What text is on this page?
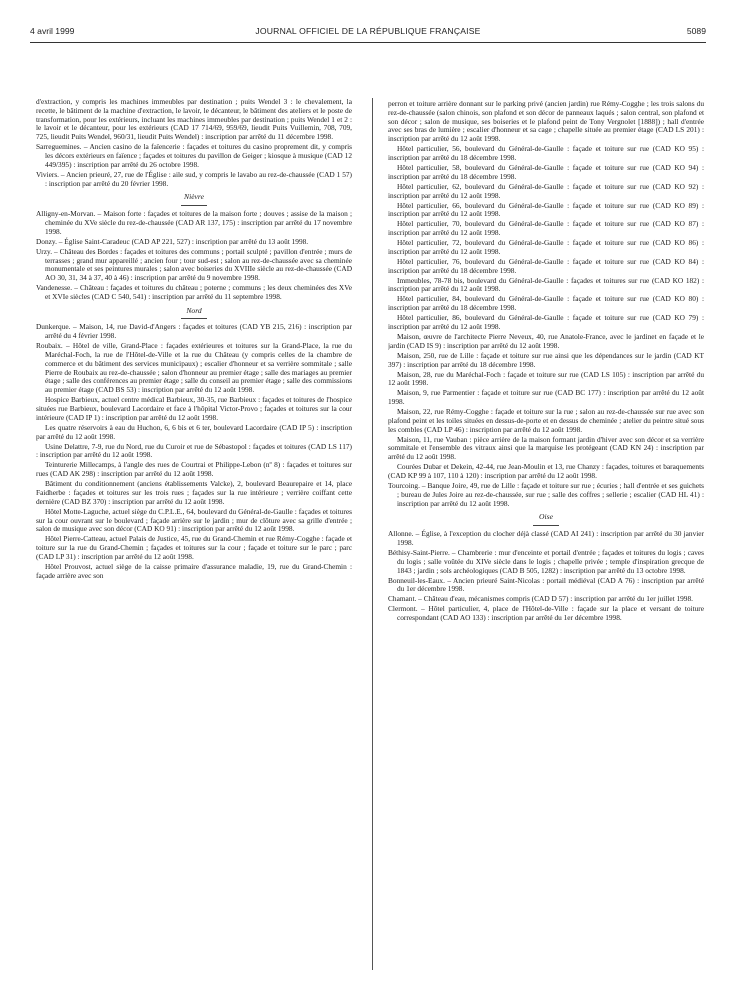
4 avril 1999	JOURNAL OFFICIEL DE LA RÉPUBLIQUE FRANÇAISE	5089
d'extraction, y compris les machines immeubles par destination ; puits Wendel 3 : le chevalement, la recette, le bâtiment de la machine d'extraction, le lavoir, le décanteur, le bâtiment des ateliers et le poste de transformation, pour les extérieurs, incluant les machines immeubles par destination ; puits Wendel 1 et 2 : le lavoir et le décanteur, pour les extérieurs (CAD 17 714/69, 959/69, lieudit Puits Vuillemin, 708, 709, 725, lieudit Puits Wendel, 960/31, lieudit Puits Wendel) : inscription par arrêté du 11 décembre 1998.
Sarreguemines. – Ancien casino de la faïencerie : façades et toitures du casino proprement dit, y compris les décors extérieurs en faïence ; façades et toitures du pavillon de Geiger ; kiosque à musique (CAD 12 449/395) : inscription par arrêté du 26 octobre 1998.
Viviers. – Ancien prieuré, 27, rue de l'Église : aile sud, y compris le lavabo au rez-de-chaussée (CAD 1 57) : inscription par arrêté du 20 février 1998.
Nièvre
Alligny-en-Morvan. – Maison forte : façades et toitures de la maison forte ; douves ; assise de la maison ; cheminée du XVe siècle du rez-de-chaussée (CAD AR 137, 175) : inscription par arrêté du 17 novembre 1998.
Donzy. – Église Saint-Caradeuc (CAD AP 221, 527) : inscription par arrêté du 13 août 1998.
Urzy. – Château des Bordes : façades et toitures des communs ; portail sculpté ; pavillon d'entrée ; murs de terrasses ; grand mur appareillé ; ancien four ; tour sud-est ; salon au rez-de-chaussée avec sa cheminée monumentale et ses peintures murales ; salon avec boiseries du XVIIIe siècle au rez-de-chaussée (CAD AO 30, 31, 34 à 37, 40 à 46) : inscription par arrêté du 9 novembre 1998.
Vandenesse. – Château : façades et toitures du château ; poterne ; communs ; les deux cheminées des XVe et XVIe siècles (CAD C 540, 541) : inscription par arrêté du 11 septembre 1998.
Nord
Dunkerque. – Maison, 14, rue David-d'Angers : façades et toitures (CAD YB 215, 216) : inscription par arrêté du 4 février 1998.
Roubaix. – Hôtel de ville, Grand-Place : façades extérieures et toitures sur la Grand-Place, la rue du Maréchal-Foch, la rue de l'Hôtel-de-Ville et la rue du Château (y compris celles de la chambre de commerce et du bâtiment des services municipaux) ; escalier d'honneur et sa verrière sommitale ; salle Pierre de Roubaix au rez-de-chaussée ; salon d'honneur au premier étage ; salle des mariages au premier étage ; salle des conférences au premier étage ; salle du conseil au premier étage ; salle des commissions au premier étage (CAD BS 53) : inscription par arrêté du 12 août 1998.
Hospice Barbieux, actuel centre médical Barbieux, 30-35, rue Barbieux : façades et toitures de l'hospice situées rue Barbieux, boulevard Lacordaire et face à l'hôpital Victor-Provo ; façades et toitures sur la cour intérieure (CAD IP 1) : inscription par arrêté du 12 août 1998.
Les quatre réservoirs à eau du Huchon, 6, 6 bis et 6 ter, boulevard Lacordaire (CAD IP 5) : inscription par arrêté du 12 août 1998.
Usine Delattre, 7-9, rue du Nord, rue du Curoir et rue de Sébastopol : façades et toitures (CAD LS 117) : inscription par arrêté du 12 août 1998.
Teinturerie Millecamps, à l'angle des rues de Courtrai et Philippe-Lebon (nº 8) : façades et toitures sur rues (CAD AK 298) : inscription par arrêté du 12 août 1998.
Bâtiment du conditionnement (anciens établissements Valcke), 2, boulevard Beaurepaire et 14, place Faidherbe : façades et toitures sur les trois rues ; façades sur la rue intérieure ; verrière coiffant cette dernière (CAD BZ 370) : inscription par arrêté du 12 août 1998.
Hôtel Motte-Laguche, actuel siège du C.P.L.E., 64, boulevard du Général-de-Gaulle : façades et toitures sur la cour ouvrant sur le boulevard ; façade arrière sur le jardin ; mur de clôture avec sa grille d'entrée ; salon de musique avec son décor (CAD KO 91) : inscription par arrêté du 12 août 1998.
Hôtel Pierre-Catteau, actuel Palais de Justice, 45, rue du Grand-Chemin et rue Rémy-Cogghe : façade et toiture sur la rue du Grand-Chemin ; façades et toitures sur la cour ; façade et toiture sur le parc ; parc (CAD LP 31) : inscription par arrêté du 12 août 1998.
Hôtel Prouvost, actuel siège de la caisse primaire d'assurance maladie, 19, rue du Grand-Chemin : façade arrière avec son
perron et toiture arrière donnant sur le parking privé (ancien jardin) rue Rémy-Cogghe ; les trois salons du rez-de-chaussée (salon chinois, son plafond et son décor de panneaux laqués ; salon central, son plafond et son décor ; salon de musique, ses boiseries et le plafond peint de Tony Vergnolet [1888]) ; hall d'entrée avec ses bras de lumière ; escalier d'honneur et sa cage ; chapelle située au premier étage (CAD LS 201) : inscription par arrêté du 12 août 1998.
Hôtel particulier, 56, boulevard du Général-de-Gaulle : façade et toiture sur rue (CAD KO 95) : inscription par arrêté du 18 décembre 1998.
Hôtel particulier, 58, boulevard du Général-de-Gaulle : façade et toiture sur rue (CAD KO 94) : inscription par arrêté du 18 décembre 1998.
Hôtel particulier, 62, boulevard du Général-de-Gaulle : façade et toiture sur rue (CAD KO 92) : inscription par arrêté du 12 août 1998.
Hôtel particulier, 66, boulevard du Général-de-Gaulle : façade et toiture sur rue (CAD KO 89) : inscription par arrêté du 12 août 1998.
Hôtel particulier, 70, boulevard du Général-de-Gaulle : façade et toiture sur rue (CAD KO 87) : inscription par arrêté du 12 août 1998.
Hôtel particulier, 72, boulevard du Général-de-Gaulle : façade et toiture sur rue (CAD KO 86) : inscription par arrêté du 12 août 1998.
Hôtel particulier, 76, boulevard du Général-de-Gaulle : façade et toiture sur rue (CAD KO 84) : inscription par arrêté du 18 décembre 1998.
Immeubles, 78-78 bis, boulevard du Général-de-Gaulle : façades et toitures sur rue (CAD KO 182) : inscription par arrêté du 12 août 1998.
Hôtel particulier, 84, boulevard du Général-de-Gaulle : façade et toiture sur rue (CAD KO 80) : inscription par arrêté du 18 décembre 1998.
Hôtel particulier, 86, boulevard du Général-de-Gaulle : façade et toiture sur rue (CAD KO 79) : inscription par arrêté du 12 août 1998.
Maison, œuvre de l'architecte Pierre Neveux, 40, rue Anatole-France, avec le jardinet en façade et le jardin (CAD IS 9) : inscription par arrêté du 12 août 1998.
Maison, 250, rue de Lille : façade et toiture sur rue ainsi que les dépendances sur le jardin (CAD KT 397) : inscription par arrêté du 18 décembre 1998.
Maison, 28, rue du Maréchal-Foch : façade et toiture sur rue (CAD LS 105) : inscription par arrêté du 12 août 1998.
Maison, 9, rue Parmentier : façade et toiture sur rue (CAD BC 177) : inscription par arrêté du 12 août 1998.
Maison, 22, rue Rémy-Cogghe : façade et toiture sur la rue ; salon au rez-de-chaussée sur rue avec son plafond peint et les toiles situées en dessus-de-porte et en dessus de cheminée ; atelier du peintre situé sous les combles (CAD LP 46) : inscription par arrêté du 12 août 1998.
Maison, 11, rue Vauban : pièce arrière de la maison formant jardin d'hiver avec son décor et sa verrière sommitale et l'ensemble des vitraux ainsi que la marquise les protégeant (CAD KN 24) : inscription par arrêté du 12 août 1998.
Courées Dubar et Dekein, 42-44, rue Jean-Moulin et 13, rue Chanzy : façades, toitures et baraquements (CAD KP 99 à 107, 110 à 120) : inscription par arrêté du 12 août 1998.
Tourcoing. – Banque Joire, 49, rue de Lille : façade et toiture sur rue ; écuries ; hall d'entrée et ses guichets ; bureau de Jules Joire au rez-de-chaussée, sur rue ; salle des coffres ; sellerie ; escalier (CAD HL 41) : inscription par arrêté du 12 août 1998.
Oise
Allonne. – Église, à l'exception du clocher déjà classé (CAD AI 241) : inscription par arrêté du 30 janvier 1998.
Béthisy-Saint-Pierre. – Chambrerie : mur d'enceinte et portail d'entrée ; façades et toitures du logis ; caves du logis ; salle voûtée du XIVe siècle dans le logis ; chapelle privée ; temple d'inspiration grecque de 1843 ; jardin ; sols archéologiques (CAD B 505, 1282) : inscription par arrêté du 13 octobre 1998.
Bonneuil-les-Eaux. – Ancien prieuré Saint-Nicolas : portail médiéval (CAD A 76) : inscription par arrêté du 1er décembre 1998.
Chamant. – Château d'eau, mécanismes compris (CAD D 57) : inscription par arrêté du 1er juillet 1998.
Clermont. – Hôtel particulier, 4, place de l'Hôtel-de-Ville : façade sur la place et versant de toiture correspondant (CAD AO 133) : inscription par arrêté du 1er décembre 1998.
